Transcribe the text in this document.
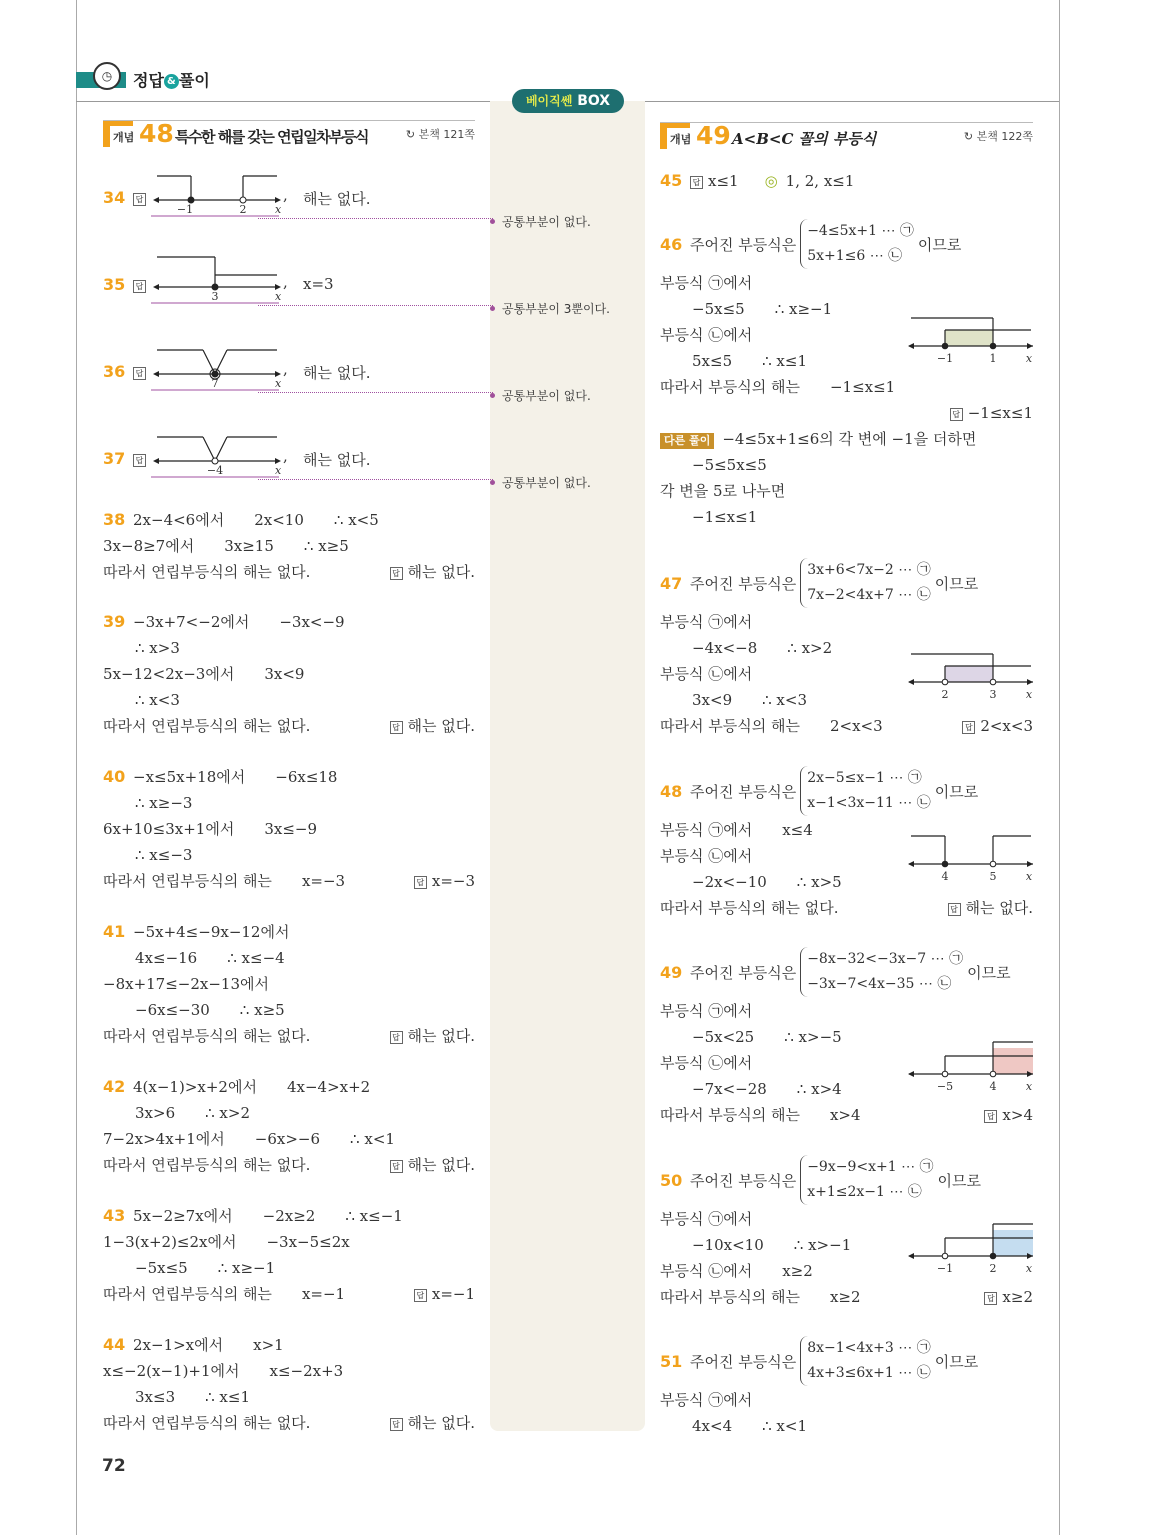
◷	정답 & 풀이
베이직쎈 BOX
개념 48 특수한 해를 갖는 연립일차부등식	↻ 본책 121쪽	개념 49 A<B<C 꼴의 부등식	↻ 본책 122쪽
34	답
−1	2	x
, 해는 없다.
공통부분이 없다.
35	답
3	x
, x=3
공통부분이 3뿐이다.
36	답
7	x
, 해는 없다.
공통부분이 없다.
37	답
−4	x
, 해는 없다.
공통부분이 없다.
38 2x−4<6에서 2x<10 ∴ x<5
3x−8≥7에서 3x≥15 ∴ x≥5
따라서 연립부등식의 해는 없다.	답 해는 없다.
39 −3x+7<−2에서 −3x<−9
∴ x>3
5x−12<2x−3에서 3x<9
∴ x<3
따라서 연립부등식의 해는 없다.	답 해는 없다.
40 −x≤5x+18에서 −6x≤18
∴ x≥−3
6x+10≤3x+1에서 3x≤−9
∴ x≤−3
따라서 연립부등식의 해는 x=−3	답 x=−3
41 −5x+4≤−9x−12에서
4x≤−16 ∴ x≤−4
−8x+17≤−2x−13에서
−6x≤−30 ∴ x≥5
따라서 연립부등식의 해는 없다.	답 해는 없다.
42 4(x−1)>x+2에서 4x−4>x+2
3x>6 ∴ x>2
7−2x>4x+1에서 −6x>−6 ∴ x<1
따라서 연립부등식의 해는 없다.	답 해는 없다.
43 5x−2≥7x에서 −2x≥2 ∴ x≤−1
1−3(x+2)≤2x에서 −3x−5≤2x
−5x≤5 ∴ x≥−1
따라서 연립부등식의 해는 x=−1	답 x=−1
44 2x−1>x에서 x>1
x≤−2(x−1)+1에서 x≤−2x+3
3x≤3 ∴ x≤1
따라서 연립부등식의 해는 없다.	답 해는 없다.
45 답 x≤1 ◎ 1, 2, x≤1
46 주어진 부등식은
−4≤5x+1 ⋯ ㉠
5x+1≤6 ⋯ ㉡
이므로
부등식 ㉠에서
−5x≤5 ∴ x≥−1
부등식 ㉡에서
5x≤5 ∴ x≤1
따라서 부등식의 해는 −1≤x≤1
답 −1≤x≤1
다른 풀이 −4≤5x+1≤6의 각 변에 −1을 더하면
−5≤5x≤5
각 변을 5로 나누면
−1≤x≤1
−1	1	x
47 주어진 부등식은
3x+6<7x−2 ⋯ ㉠
7x−2<4x+7 ⋯ ㉡
이므로
부등식 ㉠에서
−4x<−8 ∴ x>2
부등식 ㉡에서
3x<9 ∴ x<3
따라서 부등식의 해는 2<x<3	답 2<x<3
2	3	x
48 주어진 부등식은
2x−5≤x−1 ⋯ ㉠
x−1<3x−11 ⋯ ㉡
이므로
부등식 ㉠에서 x≤4
부등식 ㉡에서
−2x<−10 ∴ x>5
따라서 부등식의 해는 없다.	답 해는 없다.
4	5	x
49 주어진 부등식은
−8x−32<−3x−7 ⋯ ㉠
−3x−7<4x−35 ⋯ ㉡
이므로
부등식 ㉠에서
−5x<25 ∴ x>−5
부등식 ㉡에서
−7x<−28 ∴ x>4
따라서 부등식의 해는 x>4	답 x>4
−5	4	x
50 주어진 부등식은
−9x−9<x+1 ⋯ ㉠
x+1≤2x−1 ⋯ ㉡
이므로
부등식 ㉠에서
−10x<10 ∴ x>−1
부등식 ㉡에서 x≥2
따라서 부등식의 해는 x≥2	답 x≥2
−1	2	x
51 주어진 부등식은
8x−1<4x+3 ⋯ ㉠
4x+3≤6x+1 ⋯ ㉡
이므로
부등식 ㉠에서
4x<4 ∴ x<1
72
